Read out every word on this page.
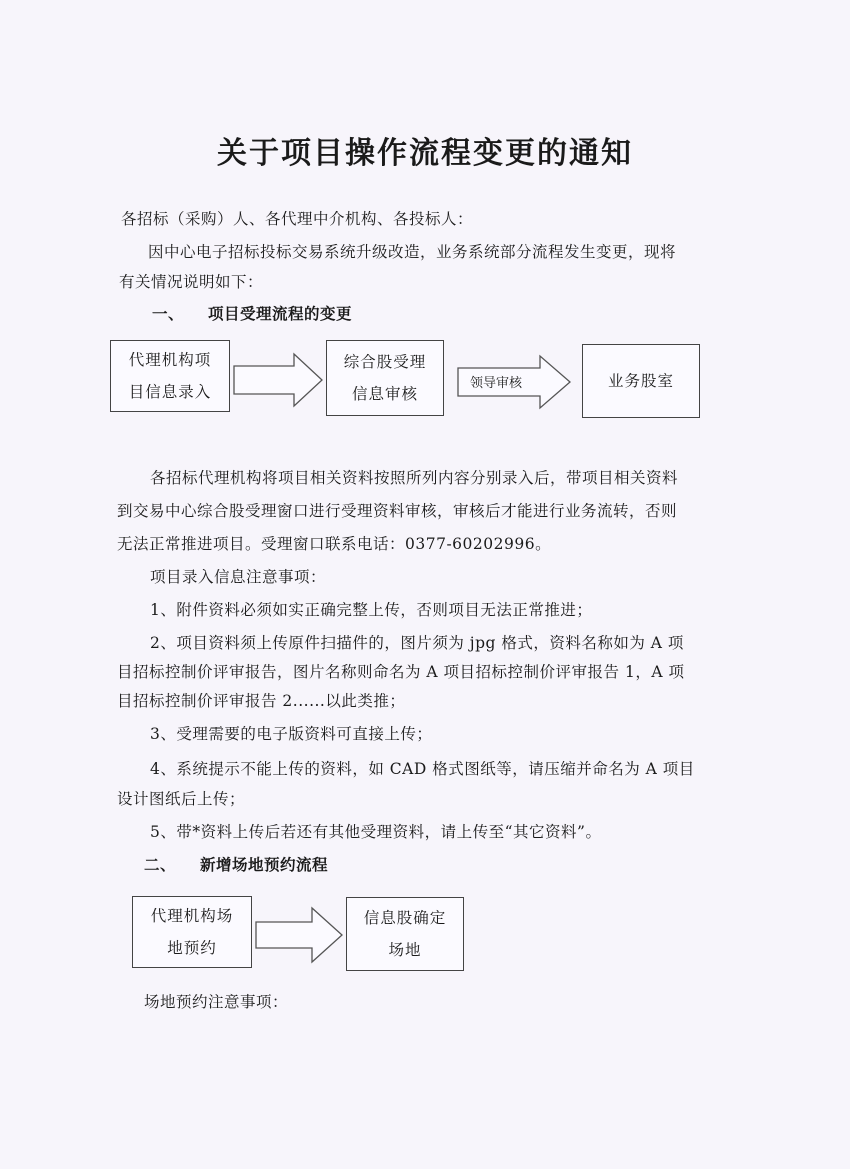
关于项目操作流程变更的通知
各招标（采购）人、各代理中介机构、各投标人：
因中心电子招标投标交易系统升级改造，业务系统部分流程发生变更，现将
有关情况说明如下：
一、 项目受理流程的变更
代理机构项
目信息录入
综合股受理
信息审核
领导审核	业务股室
各招标代理机构将项目相关资料按照所列内容分别录入后，带项目相关资料
到交易中心综合股受理窗口进行受理资料审核，审核后才能进行业务流转，否则
无法正常推进项目。受理窗口联系电话：0377-60202996。
项目录入信息注意事项：
1、附件资料必须如实正确完整上传，否则项目无法正常推进；
2、项目资料须上传原件扫描件的，图片须为 jpg 格式，资料名称如为 A 项
目招标控制价评审报告，图片名称则命名为 A 项目招标控制价评审报告 1，A 项
目招标控制价评审报告 2......以此类推；
3、受理需要的电子版资料可直接上传；
4、系统提示不能上传的资料，如 CAD 格式图纸等，请压缩并命名为 A 项目
设计图纸后上传；
5、带*资料上传后若还有其他受理资料，请上传至“其它资料”。
二、 新增场地预约流程
代理机构场
地预约
信息股确定
场地
场地预约注意事项：
